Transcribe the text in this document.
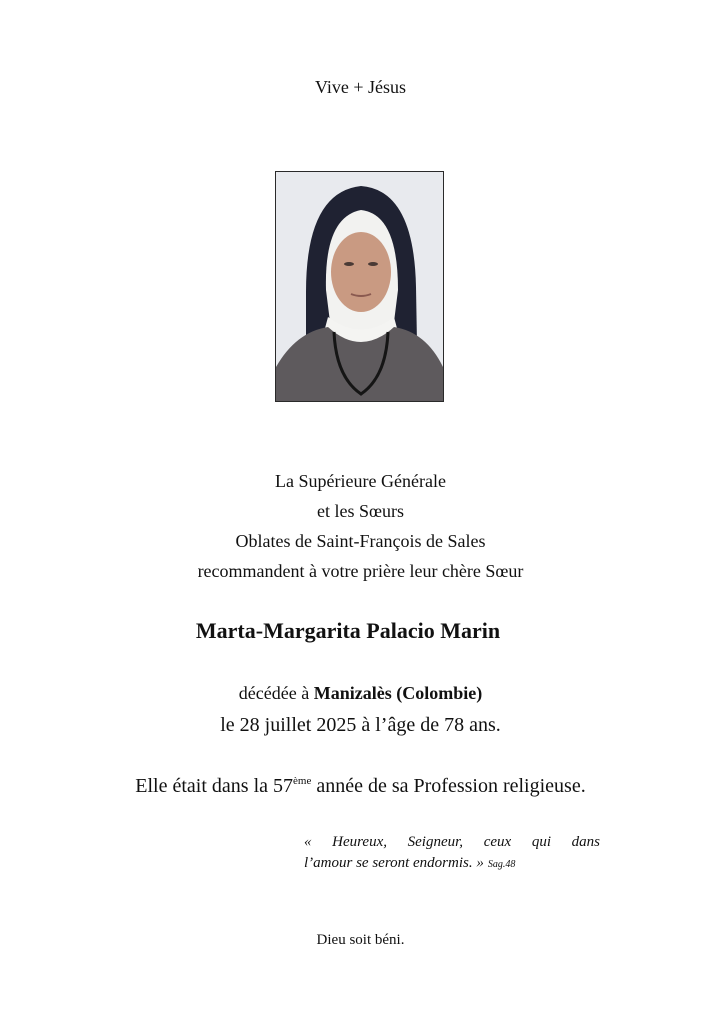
Vive + Jésus
La Supérieure Générale
et les Sœurs
Oblates de Saint-François de Sales
recommandent à votre prière leur chère Sœur
Marta-Margarita Palacio Marin
décédée à Manizalès (Colombie)
le 28 juillet 2025 à l’âge de 78 ans.
Elle était dans la 57ème année de sa Profession religieuse.
« Heureux, Seigneur, ceux qui dans
l’amour se seront endormis. » Sag.48
Dieu soit béni.
